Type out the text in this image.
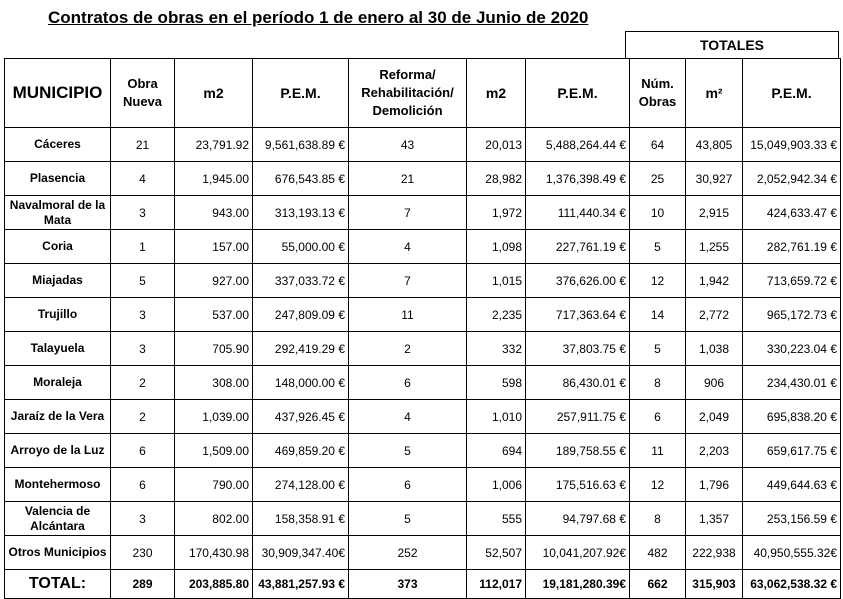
Contratos de obras en el período 1 de enero al 30 de Junio de 2020
TOTALES
MUNICIPIO	Obra Nueva	m2	P.E.M.	Reforma/ Rehabilitación/ Demolición	m2	P.E.M.	Núm. Obras	m²	P.E.M.
Cáceres	21	23,791.92	9,561,638.89 €	43	20,013	5,488,264.44 €	64	43,805	15,049,903.33 €
Plasencia	4	1,945.00	676,543.85 €	21	28,982	1,376,398.49 €	25	30,927	2,052,942.34 €
Navalmoral de la Mata	3	943.00	313,193.13 €	7	1,972	111,440.34 €	10	2,915	424,633.47 €
Coria	1	157.00	55,000.00 €	4	1,098	227,761.19 €	5	1,255	282,761.19 €
Miajadas	5	927.00	337,033.72 €	7	1,015	376,626.00 €	12	1,942	713,659.72 €
Trujillo	3	537.00	247,809.09 €	11	2,235	717,363.64 €	14	2,772	965,172.73 €
Talayuela	3	705.90	292,419.29 €	2	332	37,803.75 €	5	1,038	330,223.04 €
Moraleja	2	308.00	148,000.00 €	6	598	86,430.01 €	8	906	234,430.01 €
Jaraíz de la Vera	2	1,039.00	437,926.45 €	4	1,010	257,911.75 €	6	2,049	695,838.20 €
Arroyo de la Luz	6	1,509.00	469,859.20 €	5	694	189,758.55 €	11	2,203	659,617.75 €
Montehermoso	6	790.00	274,128.00 €	6	1,006	175,516.63 €	12	1,796	449,644.63 €
Valencia de Alcántara	3	802.00	158,358.91 €	5	555	94,797.68 €	8	1,357	253,156.59 €
Otros Municipios	230	170,430.98	30,909,347.40€	252	52,507	10,041,207.92€	482	222,938	40,950,555.32€
TOTAL:	289	203,885.80	43,881,257.93 €	373	112,017	19,181,280.39€	662	315,903	63,062,538.32 €
